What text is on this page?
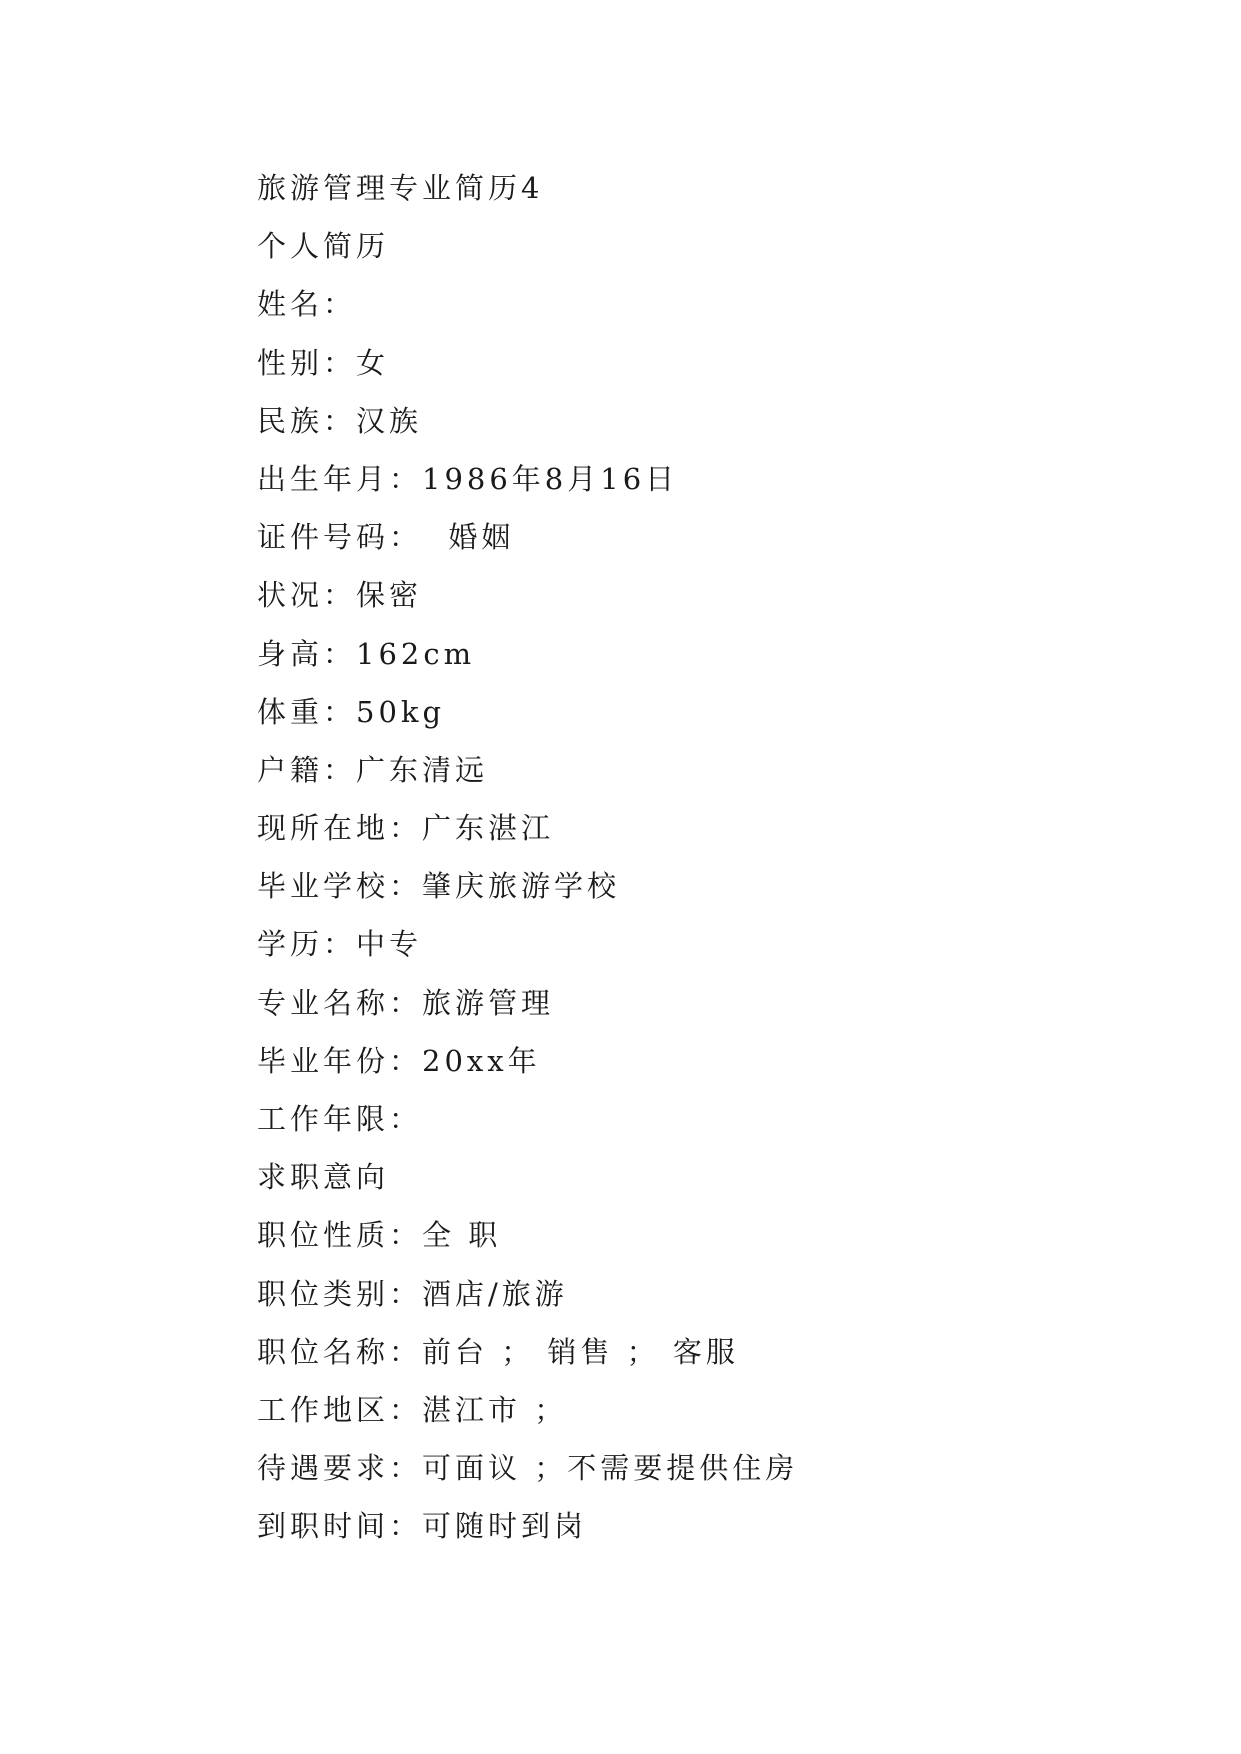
旅游管理专业简历4
个人简历
姓名：
性别：女
民族：汉族
出生年月：1986年8月16日
证件号码：  婚姻
状况：保密
身高：162cm
体重：50kg
户籍：广东清远
现所在地：广东湛江
毕业学校：肇庆旅游学校
学历：中专
专业名称：旅游管理
毕业年份：20xx年
工作年限：
求职意向
职位性质：全 职
职位类别：酒店/旅游
职位名称：前台 ； 销售 ； 客服
工作地区：湛江市 ；
待遇要求：可面议 ；不需要提供住房
到职时间：可随时到岗
